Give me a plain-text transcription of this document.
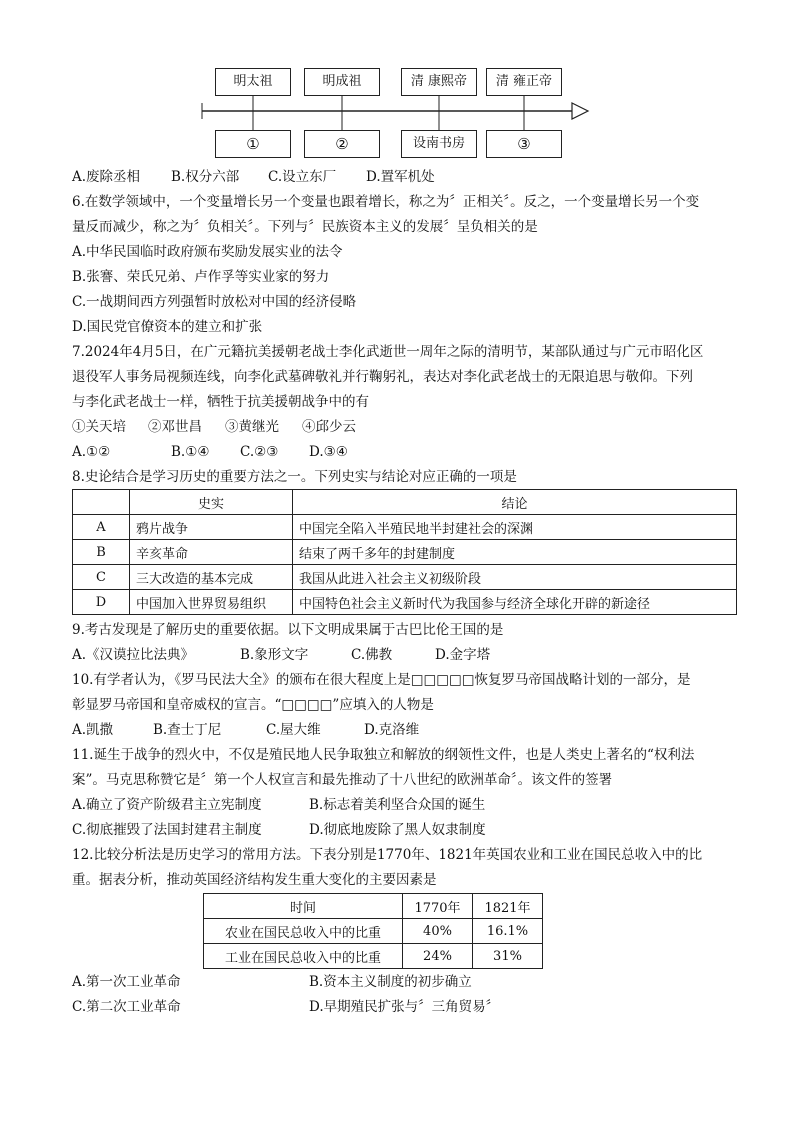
明太祖	明成祖	清 康熙帝	清 雍正帝
①	②	设南书房	③
A.废除丞相 B.权分六部 C.设立东厂 D.置军机处
6.在数学领域中，一个变量增长另一个变量也跟着增长，称之为〞正相关〞。反之，一个变量增长另一个变
量反而减少，称之为〞负相关〞。下列与〞民族资本主义的发展〞呈负相关的是
A.中华民国临时政府颁布奖励发展实业的法令
B.张謇、荣氏兄弟、卢作孚等实业家的努力
C.一战期间西方列强暂时放松对中国的经济侵略
D.国民党官僚资本的建立和扩张
7.2024年4月5日，在广元籍抗美援朝老战士李化武逝世一周年之际的清明节，某部队通过与广元市昭化区
退役军人事务局视频连线，向李化武墓碑敬礼并行鞠躬礼，表达对李化武老战士的无限追思与敬仰。下列
与李化武老战士一样，牺牲于抗美援朝战争中的有
①关天培 ②邓世昌 ③黄继光 ④邱少云
A.①②	B.①④ C.②③ D.③④
8.史论结合是学习历史的重要方法之一。下列史实与结论对应正确的一项是
	史实	结论
A	鸦片战争	中国完全陷入半殖民地半封建社会的深渊
B	辛亥革命	结束了两千多年的封建制度
C	三大改造的基本完成	我国从此进入社会主义初级阶段
D	中国加入世界贸易组织	中国特色社会主义新时代为我国参与经济全球化开辟的新途径
9.考古发现是了解历史的重要依据。以下文明成果属于古巴比伦王国的是
A.《汉谟拉比法典》	B.象形文字	C.佛教	D.金字塔
10.有学者认为，《罗马民法大全》的颁布在很大程度上是□□□□□恢复罗马帝国战略计划的一部分，是
彰显罗马帝国和皇帝威权的宣言。“□□□□”应填入的人物是
A.凯撒	B.查士丁尼	C.屋大维	D.克洛维
11.诞生于战争的烈火中，不仅是殖民地人民争取独立和解放的纲领性文件，也是人类史上著名的“权利法
案”。马克思称赞它是〞第一个人权宣言和最先推动了十八世纪的欧洲革命〞。该文件的签署
A.确立了资产阶级君主立宪制度	B.标志着美利坚合众国的诞生
C.彻底摧毁了法国封建君主制度	D.彻底地废除了黑人奴隶制度
12.比较分析法是历史学习的常用方法。下表分别是1770年、1821年英国农业和工业在国民总收入中的比
重。据表分析，推动英国经济结构发生重大变化的主要因素是
时间	1770年	1821年
农业在国民总收入中的比重	40%	16.1%
工业在国民总收入中的比重	24%	31%
A.第一次工业革命	B.资本主义制度的初步确立
C.第二次工业革命	D.早期殖民扩张与〞三角贸易〞
